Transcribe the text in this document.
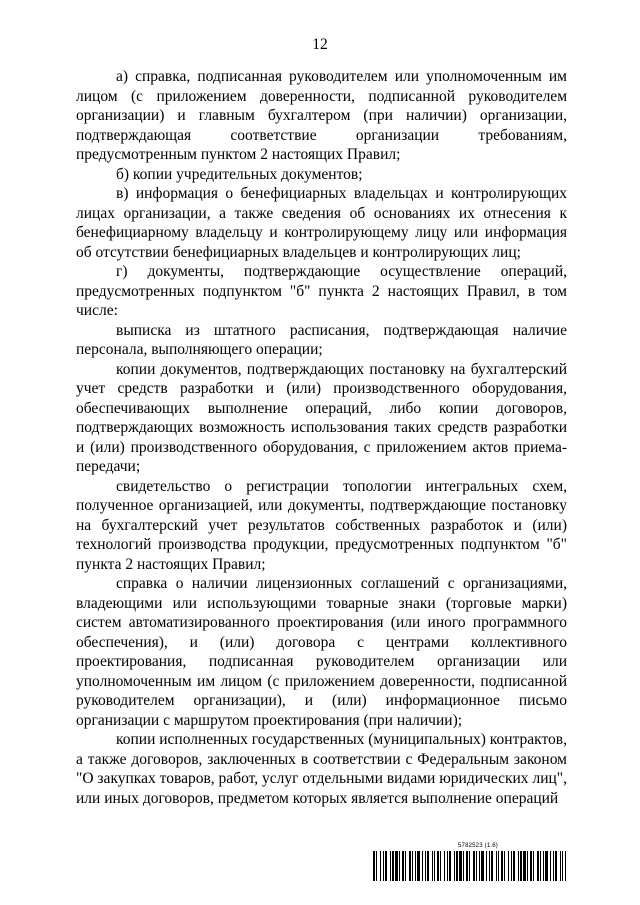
12

а) справка, подписанная руководителем или уполномоченным им лицом (с приложением доверенности, подписанной руководителем организации) и главным бухгалтером (при наличии) организации, подтверждающая соответствие организации требованиям, предусмотренным пунктом 2 настоящих Правил;

б) копии учредительных документов;

в) информация о бенефициарных владельцах и контролирующих лицах организации, а также сведения об основаниях их отнесения к бенефициарному владельцу и контролирующему лицу или информация об отсутствии бенефициарных владельцев и контролирующих лиц;

г) документы, подтверждающие осуществление операций, предусмотренных подпунктом "б" пункта 2 настоящих Правил, в том числе:

выписка из штатного расписания, подтверждающая наличие персонала, выполняющего операции;

копии документов, подтверждающих постановку на бухгалтерский учет средств разработки и (или) производственного оборудования, обеспечивающих выполнение операций, либо копии договоров, подтверждающих возможность использования таких средств разработки и (или) производственного оборудования, с приложением актов приема-передачи;

свидетельство о регистрации топологии интегральных схем, полученное организацией, или документы, подтверждающие постановку на бухгалтерский учет результатов собственных разработок и (или) технологий производства продукции, предусмотренных подпунктом "б" пункта 2 настоящих Правил;

справка о наличии лицензионных соглашений с организациями, владеющими или использующими товарные знаки (торговые марки) систем автоматизированного проектирования (или иного программного обеспечения), и (или) договора с центрами коллективного проектирования, подписанная руководителем организации или уполномоченным им лицом (с приложением доверенности, подписанной руководителем организации), и (или) информационное письмо организации с маршрутом проектирования (при наличии);

копии исполненных государственных (муниципальных) контрактов, а также договоров, заключенных в соответствии с Федеральным законом "О закупках товаров, работ, услуг отдельными видами юридических лиц", или иных договоров, предметом которых является выполнение операций

5782523 (1.6)
